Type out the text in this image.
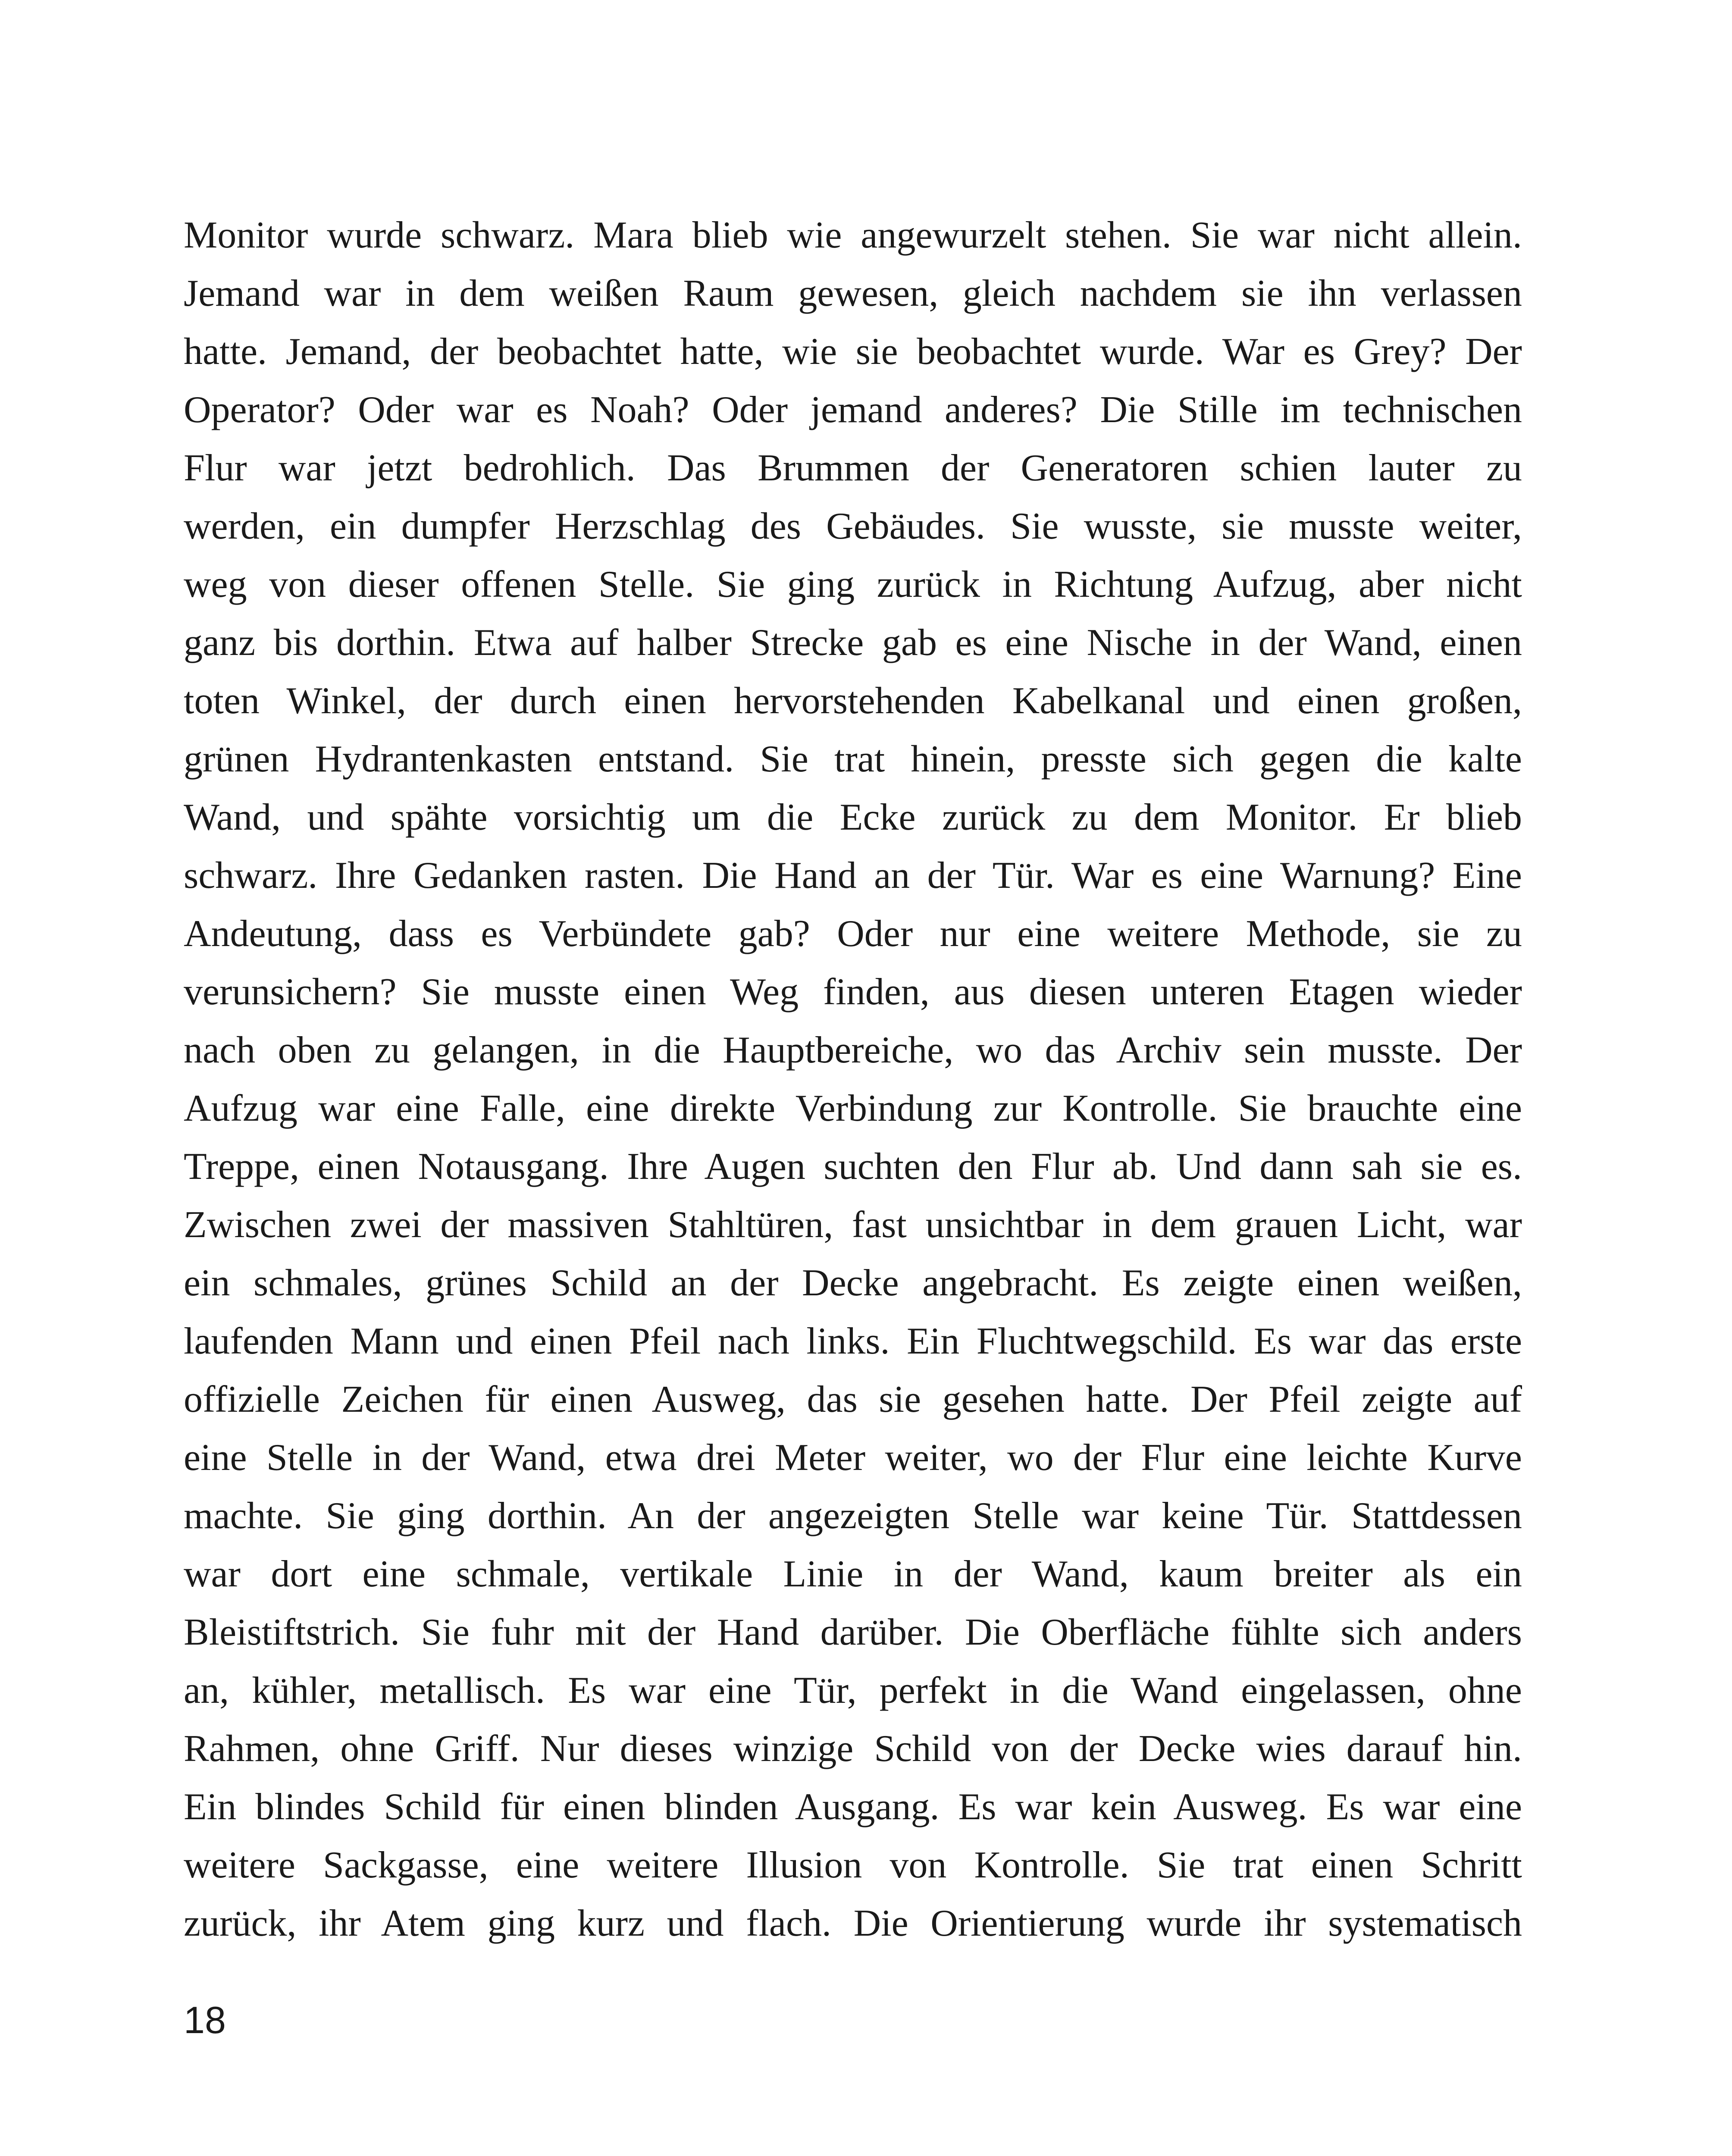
Monitor wurde schwarz. Mara blieb wie angewurzelt stehen. Sie war nicht allein.
Jemand war in dem weißen Raum gewesen, gleich nachdem sie ihn verlassen
hatte. Jemand, der beobachtet hatte, wie sie beobachtet wurde. War es Grey? Der
Operator? Oder war es Noah? Oder jemand anderes? Die Stille im technischen
Flur war jetzt bedrohlich. Das Brummen der Generatoren schien lauter zu
werden, ein dumpfer Herzschlag des Gebäudes. Sie wusste, sie musste weiter,
weg von dieser offenen Stelle. Sie ging zurück in Richtung Aufzug, aber nicht
ganz bis dorthin. Etwa auf halber Strecke gab es eine Nische in der Wand, einen
toten Winkel, der durch einen hervorstehenden Kabelkanal und einen großen,
grünen Hydrantenkasten entstand. Sie trat hinein, presste sich gegen die kalte
Wand, und spähte vorsichtig um die Ecke zurück zu dem Monitor. Er blieb
schwarz. Ihre Gedanken rasten. Die Hand an der Tür. War es eine Warnung? Eine
Andeutung, dass es Verbündete gab? Oder nur eine weitere Methode, sie zu
verunsichern? Sie musste einen Weg finden, aus diesen unteren Etagen wieder
nach oben zu gelangen, in die Hauptbereiche, wo das Archiv sein musste. Der
Aufzug war eine Falle, eine direkte Verbindung zur Kontrolle. Sie brauchte eine
Treppe, einen Notausgang. Ihre Augen suchten den Flur ab. Und dann sah sie es.
Zwischen zwei der massiven Stahltüren, fast unsichtbar in dem grauen Licht, war
ein schmales, grünes Schild an der Decke angebracht. Es zeigte einen weißen,
laufenden Mann und einen Pfeil nach links. Ein Fluchtwegschild. Es war das erste
offizielle Zeichen für einen Ausweg, das sie gesehen hatte. Der Pfeil zeigte auf
eine Stelle in der Wand, etwa drei Meter weiter, wo der Flur eine leichte Kurve
machte. Sie ging dorthin. An der angezeigten Stelle war keine Tür. Stattdessen
war dort eine schmale, vertikale Linie in der Wand, kaum breiter als ein
Bleistiftstrich. Sie fuhr mit der Hand darüber. Die Oberfläche fühlte sich anders
an, kühler, metallisch. Es war eine Tür, perfekt in die Wand eingelassen, ohne
Rahmen, ohne Griff. Nur dieses winzige Schild von der Decke wies darauf hin.
Ein blindes Schild für einen blinden Ausgang. Es war kein Ausweg. Es war eine
weitere Sackgasse, eine weitere Illusion von Kontrolle. Sie trat einen Schritt
zurück, ihr Atem ging kurz und flach. Die Orientierung wurde ihr systematisch
18
